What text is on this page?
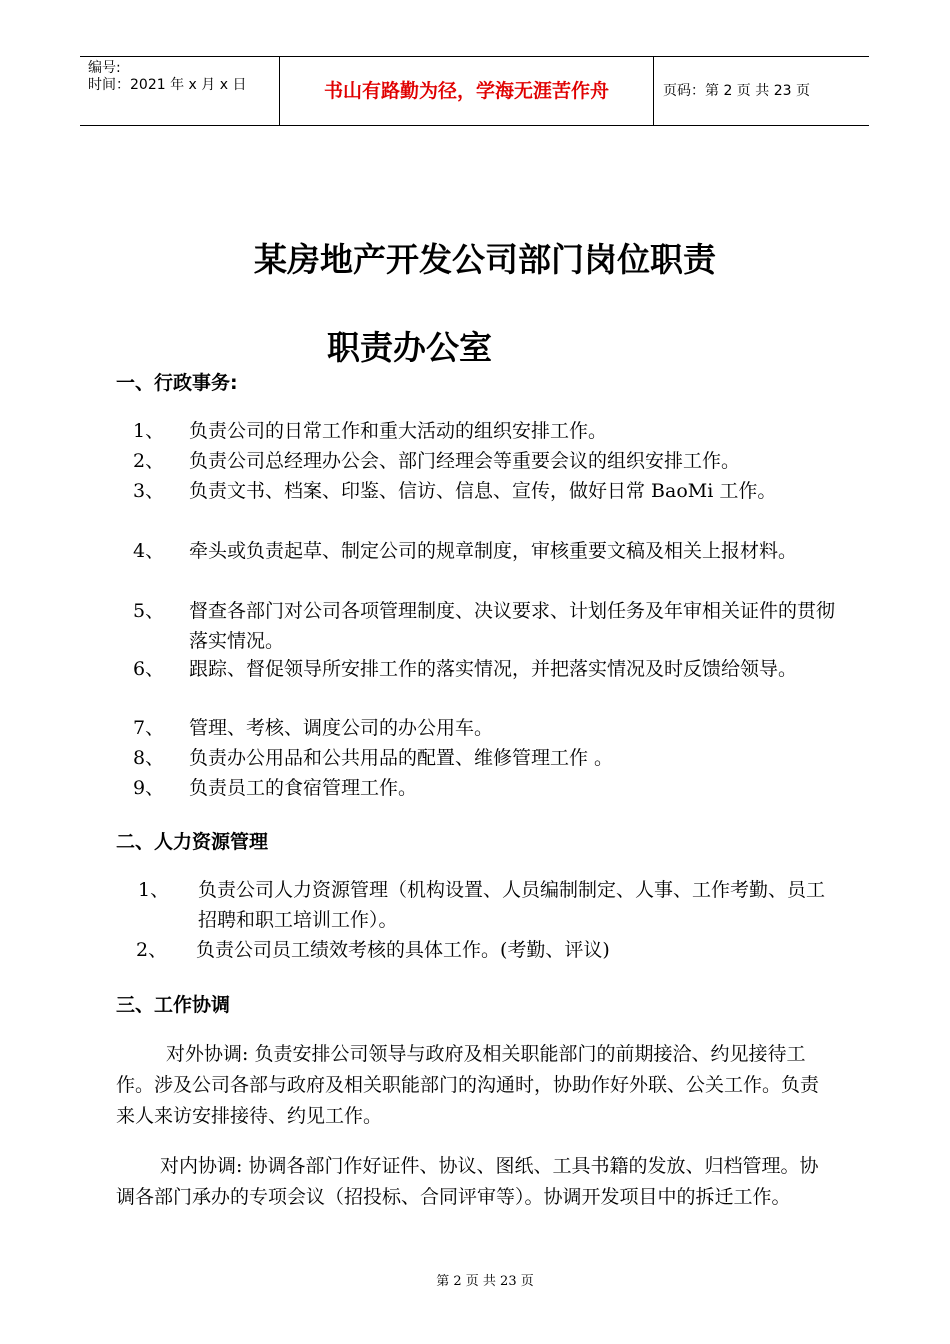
编号:
时间：2021 年 x 月 x 日	书山有路勤为径，学海无涯苦作舟	页码：第 2 页 共 23 页
某房地产开发公司部门岗位职责
职责办公室
一、行政事务:
1、	负责公司的日常工作和重大活动的组织安排工作。
2、	负责公司总经理办公会、部门经理会等重要会议的组织安排工作。
3、	负责文书、档案、印鉴、信访、信息、宣传，做好日常 BaoMi 工作。
4、	牵头或负责起草、制定公司的规章制度，审核重要文稿及相关上报材料。
5、	督查各部门对公司各项管理制度、决议要求、计划任务及年审相关证件的贯彻落实情况。
6、	跟踪、督促领导所安排工作的落实情况，并把落实情况及时反馈给领导。
7、	管理、考核、调度公司的办公用车。
8、	负责办公用品和公共用品的配置、维修管理工作 。
9、	负责员工的食宿管理工作。
二、人力资源管理
1、	负责公司人力资源管理（机构设置、人员编制制定、人事、工作考勤、员工招聘和职工培训工作）。
2、	负责公司员工绩效考核的具体工作。(考勤、评议)
三、工作协调
对外协调: 负责安排公司领导与政府及相关职能部门的前期接洽、约见接待工作。涉及公司各部与政府及相关职能部门的沟通时，协助作好外联、公关工作。负责来人来访安排接待、约见工作。
对内协调: 协调各部门作好证件、协议、图纸、工具书籍的发放、归档管理。协调各部门承办的专项会议（招投标、合同评审等）。协调开发项目中的拆迁工作。
第 2 页 共 23 页
